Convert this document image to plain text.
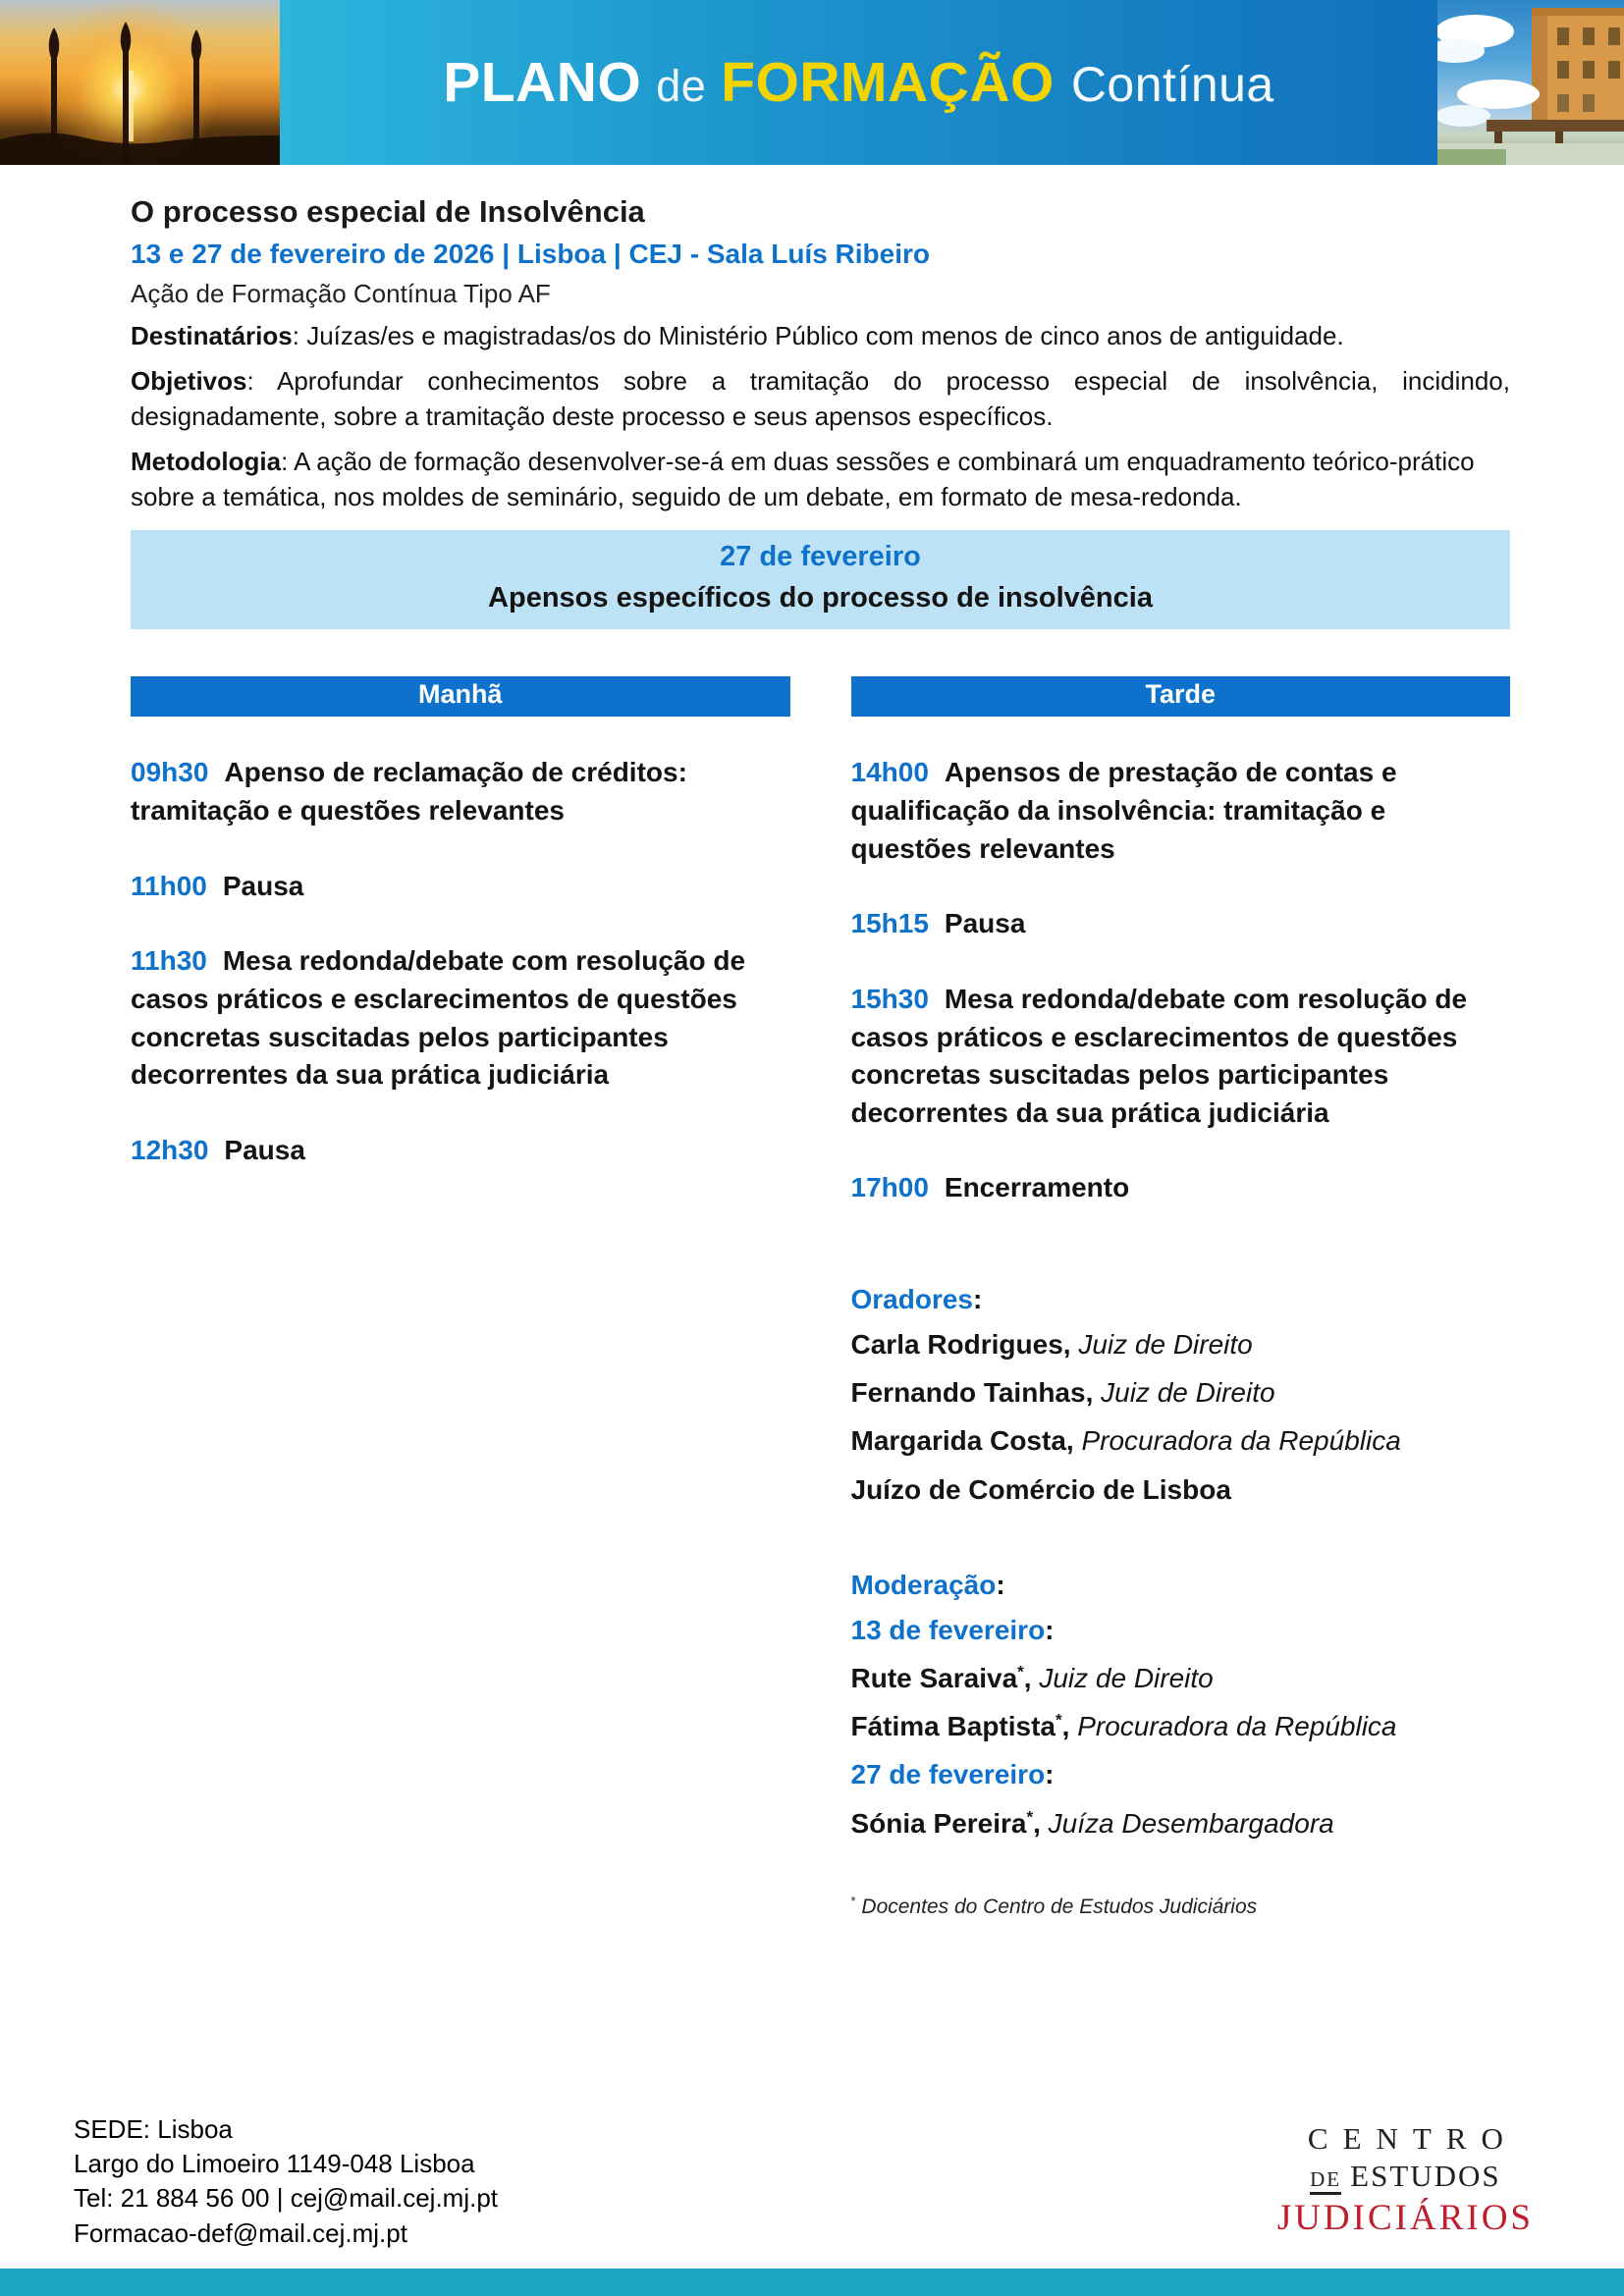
PLANO de FORMAÇÃO Contínua
O processo especial de Insolvência
13 e 27 de fevereiro de 2026 | Lisboa | CEJ - Sala Luís Ribeiro
Ação de Formação Contínua Tipo AF
Destinatários: Juízas/es e magistradas/os do Ministério Público com menos de cinco anos de antiguidade.
Objetivos: Aprofundar conhecimentos sobre a tramitação do processo especial de insolvência, incidindo, designadamente, sobre a tramitação deste processo e seus apensos específicos.
Metodologia: A ação de formação desenvolver-se-á em duas sessões e combinará um enquadramento teórico-prático sobre a temática, nos moldes de seminário, seguido de um debate, em formato de mesa-redonda.
27 de fevereiro
Apensos específicos do processo de insolvência
Manhã
09h30 Apenso de reclamação de créditos: tramitação e questões relevantes
11h00 Pausa
11h30 Mesa redonda/debate com resolução de casos práticos e esclarecimentos de questões concretas suscitadas pelos participantes decorrentes da sua prática judiciária
12h30 Pausa
Tarde
14h00 Apensos de prestação de contas e qualificação da insolvência: tramitação e questões relevantes
15h15 Pausa
15h30 Mesa redonda/debate com resolução de casos práticos e esclarecimentos de questões concretas suscitadas pelos participantes decorrentes da sua prática judiciária
17h00 Encerramento
Oradores:
Carla Rodrigues, Juiz de Direito
Fernando Tainhas, Juiz de Direito
Margarida Costa, Procuradora da República
Juízo de Comércio de Lisboa
Moderação:
13 de fevereiro:
Rute Saraiva*, Juiz de Direito
Fátima Baptista*, Procuradora da República
27 de fevereiro:
Sónia Pereira*, Juíza Desembargadora
* Docentes do Centro de Estudos Judiciários
SEDE: Lisboa
Largo do Limoeiro 1149-048 Lisboa
Tel: 21 884 56 00 | cej@mail.cej.mj.pt
Formacao-def@mail.cej.mj.pt
CENTRO
DE ESTUDOS
JUDICIÁRIOS
